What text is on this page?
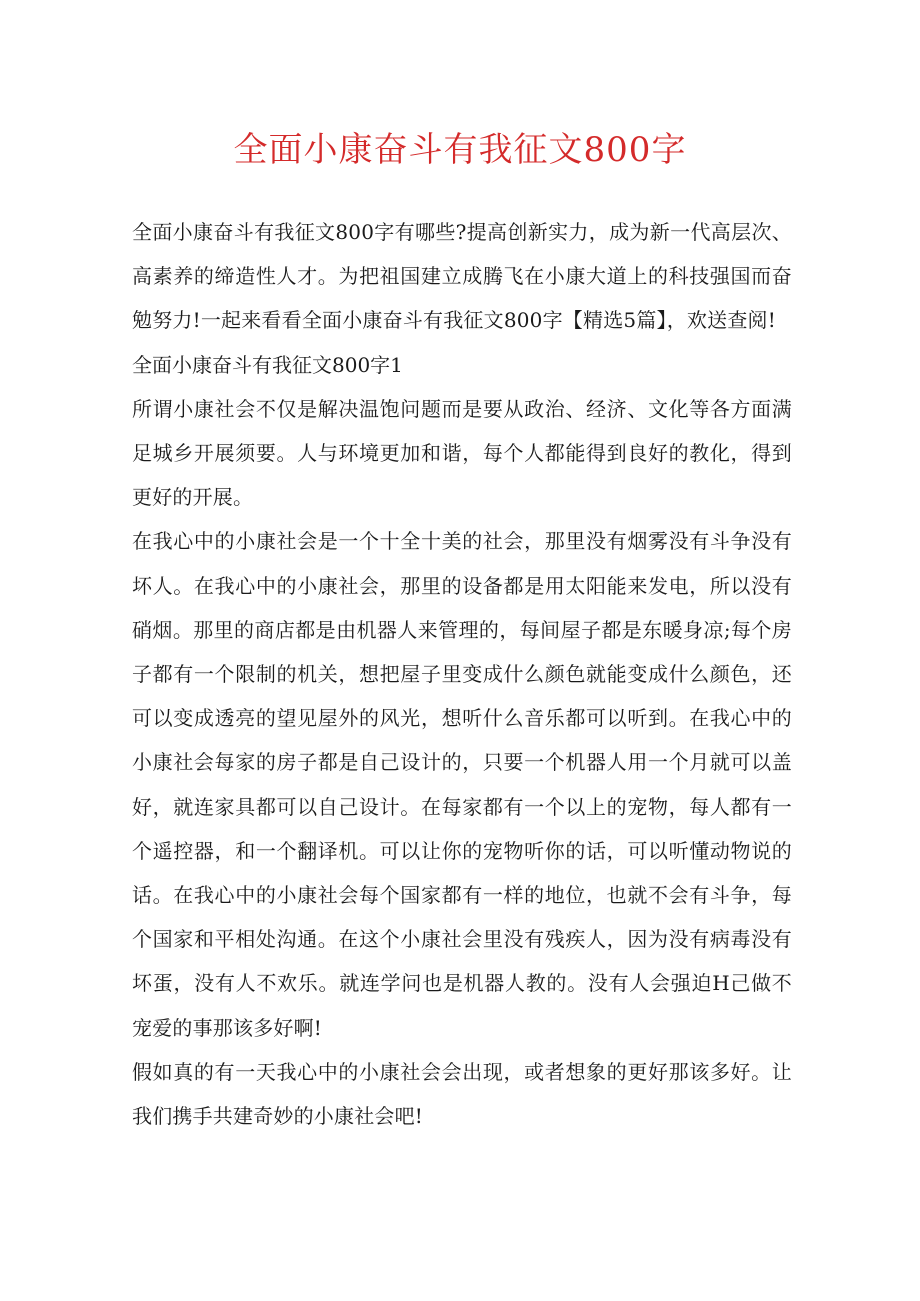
全面小康奋斗有我征文800字

全面小康奋斗有我征文800字有哪些?提高创新实力，成为新一代高层次、高素养的缔造性人才。为把祖国建立成腾飞在小康大道上的科技强国而奋勉努力!一起来看看全面小康奋斗有我征文800字【精选5篇】，欢送查阅!

全面小康奋斗有我征文800字1

所谓小康社会不仅是解决温饱问题而是要从政治、经济、文化等各方面满足城乡开展须要。人与环境更加和谐，每个人都能得到良好的教化，得到更好的开展。

在我心中的小康社会是一个十全十美的社会，那里没有烟雾没有斗争没有坏人。在我心中的小康社会，那里的设备都是用太阳能来发电，所以没有硝烟。那里的商店都是由机器人来管理的，每间屋子都是东暖身凉;每个房子都有一个限制的机关，想把屋子里变成什么颜色就能变成什么颜色，还可以变成透亮的望见屋外的风光，想听什么音乐都可以听到。在我心中的小康社会每家的房子都是自己设计的，只要一个机器人用一个月就可以盖好，就连家具都可以自己设计。在每家都有一个以上的宠物，每人都有一个遥控器，和一个翻译机。可以让你的宠物听你的话，可以听懂动物说的话。在我心中的小康社会每个国家都有一样的地位，也就不会有斗争，每个国家和平相处沟通。在这个小康社会里没有残疾人，因为没有病毒没有坏蛋，没有人不欢乐。就连学问也是机器人教的。没有人会强迫H己做不宠爱的事那该多好啊!

假如真的有一天我心中的小康社会会出现，或者想象的更好那该多好。让我们携手共建奇妙的小康社会吧!
